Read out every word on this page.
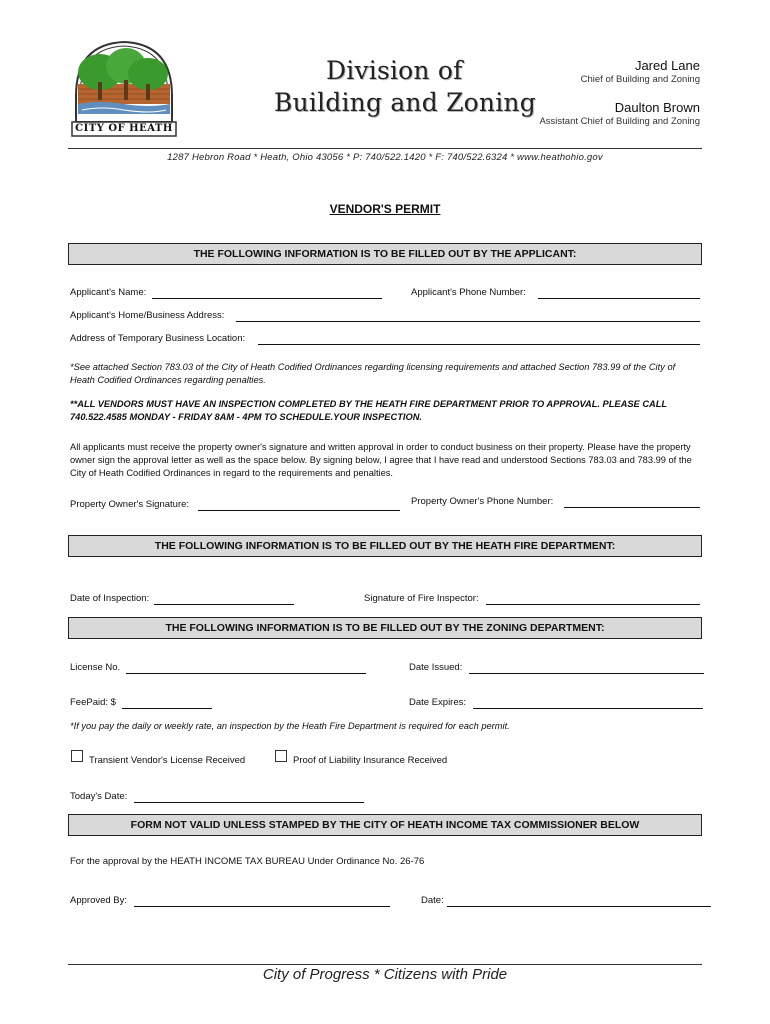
CITY OF HEATH
Division of
Building and Zoning
Jared Lane
Chief of Building and Zoning
Daulton Brown
Assistant Chief of Building and Zoning
1287 Hebron Road * Heath, Ohio 43056 * P: 740/522.1420 * F: 740/522.6324 * www.heathohio.gov
VENDOR'S PERMIT
THE FOLLOWING INFORMATION IS TO BE FILLED OUT BY THE APPLICANT:
Applicant's Name:	Applicant's Phone Number:
Applicant's Home/Business Address:
Address of Temporary Business Location:
*See attached Section 783.03 of the City of Heath Codified Ordinances regarding licensing requirements and attached Section 783.99 of the City of Heath Codified Ordinances regarding penalties.
**ALL VENDORS MUST HAVE AN INSPECTION COMPLETED BY THE HEATH FIRE DEPARTMENT PRIOR TO APPROVAL. PLEASE CALL 740.522.4585 MONDAY - FRIDAY 8AM - 4PM TO SCHEDULE.YOUR INSPECTION.
All applicants must receive the property owner's signature and written approval in order to conduct business on their property. Please have the property owner sign the approval letter as well as the space below. By signing below, I agree that I have read and understood Sections 783.03 and 783.99 of the City of Heath Codified Ordinances in regard to the requirements and penalties.
Property Owner's Signature:	Property Owner's Phone Number:
THE FOLLOWING INFORMATION IS TO BE FILLED OUT BY THE HEATH FIRE DEPARTMENT:
Date of Inspection:	Signature of Fire Inspector:
THE FOLLOWING INFORMATION IS TO BE FILLED OUT BY THE ZONING DEPARTMENT:
License No.	Date Issued:
FeePaid: $	Date Expires:
*If you pay the daily or weekly rate, an inspection by the Heath Fire Department is required for each permit.
Transient Vendor's License Received	Proof of Liability Insurance Received
Today's Date:
FORM NOT VALID UNLESS STAMPED BY THE CITY OF HEATH INCOME TAX COMMISSIONER BELOW
For the approval by the HEATH INCOME TAX BUREAU Under Ordinance No. 26-76
Approved By:	Date:
City of Progress * Citizens with Pride
